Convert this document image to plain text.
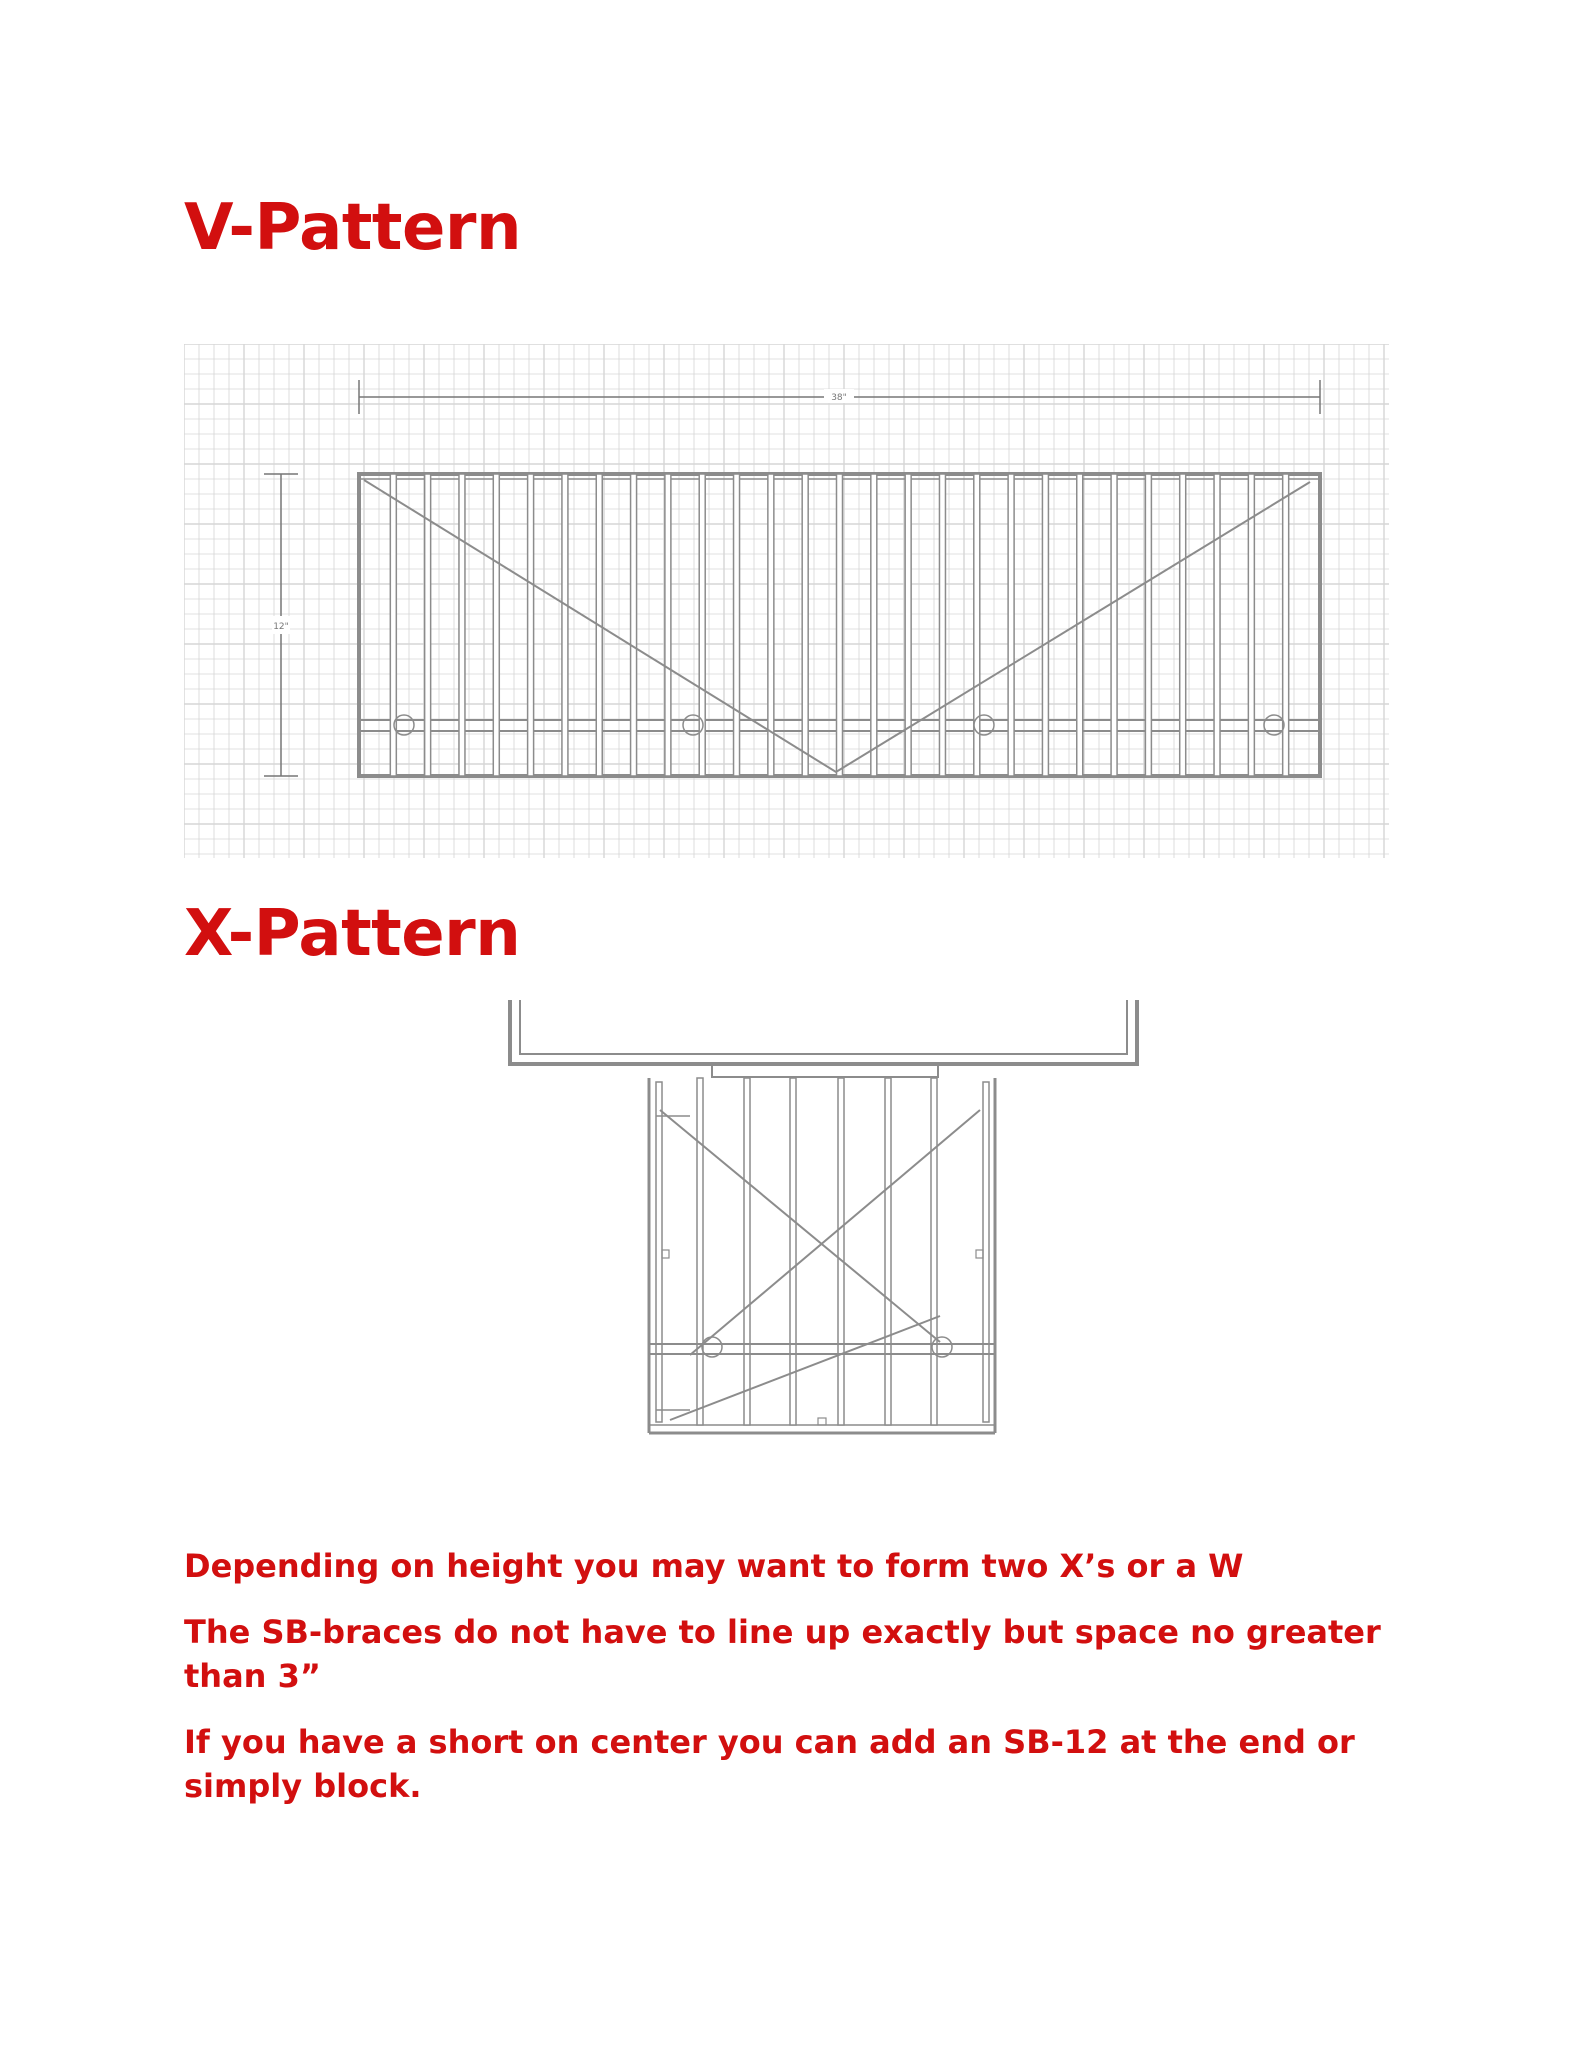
V-Pattern
38"
12"
X-Pattern

Depending on height you may want to form two X’s or a W

The SB-braces do not have to line up exactly but space no greater than 3”

If you have a short on center you can add an SB-12 at the end or simply block.
